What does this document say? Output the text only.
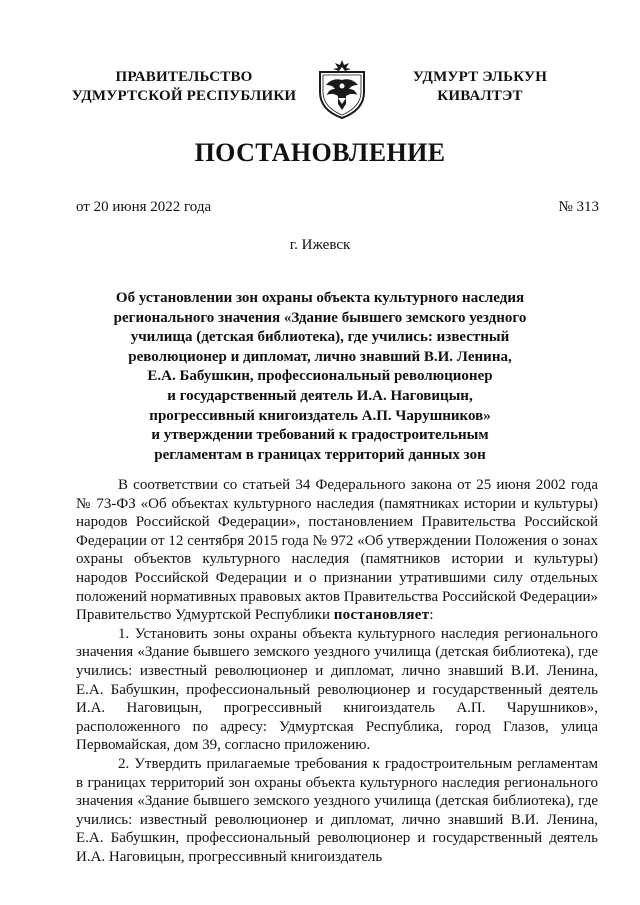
ПРАВИТЕЛЬСТВО
УДМУРТСКОЙ РЕСПУБЛИКИ
УДМУРТ ЭЛЬКУН
КИВАЛТЭТ
ПОСТАНОВЛЕНИЕ
от 20 июня 2022 года	№ 313
г. Ижевск
Об установлении зон охраны объекта культурного наследия
регионального значения «Здание бывшего земского уездного
училища (детская библиотека), где учились: известный
революционер и дипломат, лично знавший В.И. Ленина,
Е.А. Бабушкин, профессиональный революционер
и государственный деятель И.А. Наговицын,
прогрессивный книгоиздатель А.П. Чарушников»
и утверждении требований к градостроительным
регламентам в границах территорий данных зон

В соответствии со статьей 34 Федерального закона от 25 июня 2002 года № 73-ФЗ «Об объектах культурного наследия (памятниках истории и культуры) народов Российской Федерации», постановлением Правительства Российской Федерации от 12 сентября 2015 года № 972 «Об утверждении Положения о зонах охраны объектов культурного наследия (памятников истории и культуры) народов Российской Федерации и о признании утратившими силу отдельных положений нормативных правовых актов Правительства Российской Федерации» Правительство Удмуртской Республики постановляет:

1. Установить зоны охраны объекта культурного наследия регионального значения «Здание бывшего земского уездного училища (детская библиотека), где учились: известный революционер и дипломат, лично знавший В.И. Ленина, Е.А. Бабушкин, профессиональный революционер и государственный деятель И.А. Наговицын, прогрессивный книгоиздатель А.П. Чарушников», расположенного по адресу: Удмуртская Республика, город Глазов, улица Первомайская, дом 39, согласно приложению.

2. Утвердить прилагаемые требования к градостроительным регламентам в границах территорий зон охраны объекта культурного наследия регионального значения «Здание бывшего земского уездного училища (детская библиотека), где учились: известный революционер и дипломат, лично знавший В.И. Ленина, Е.А. Бабушкин, профессиональный революционер и государственный деятель И.А. Наговицын, прогрессивный книгоиздатель
